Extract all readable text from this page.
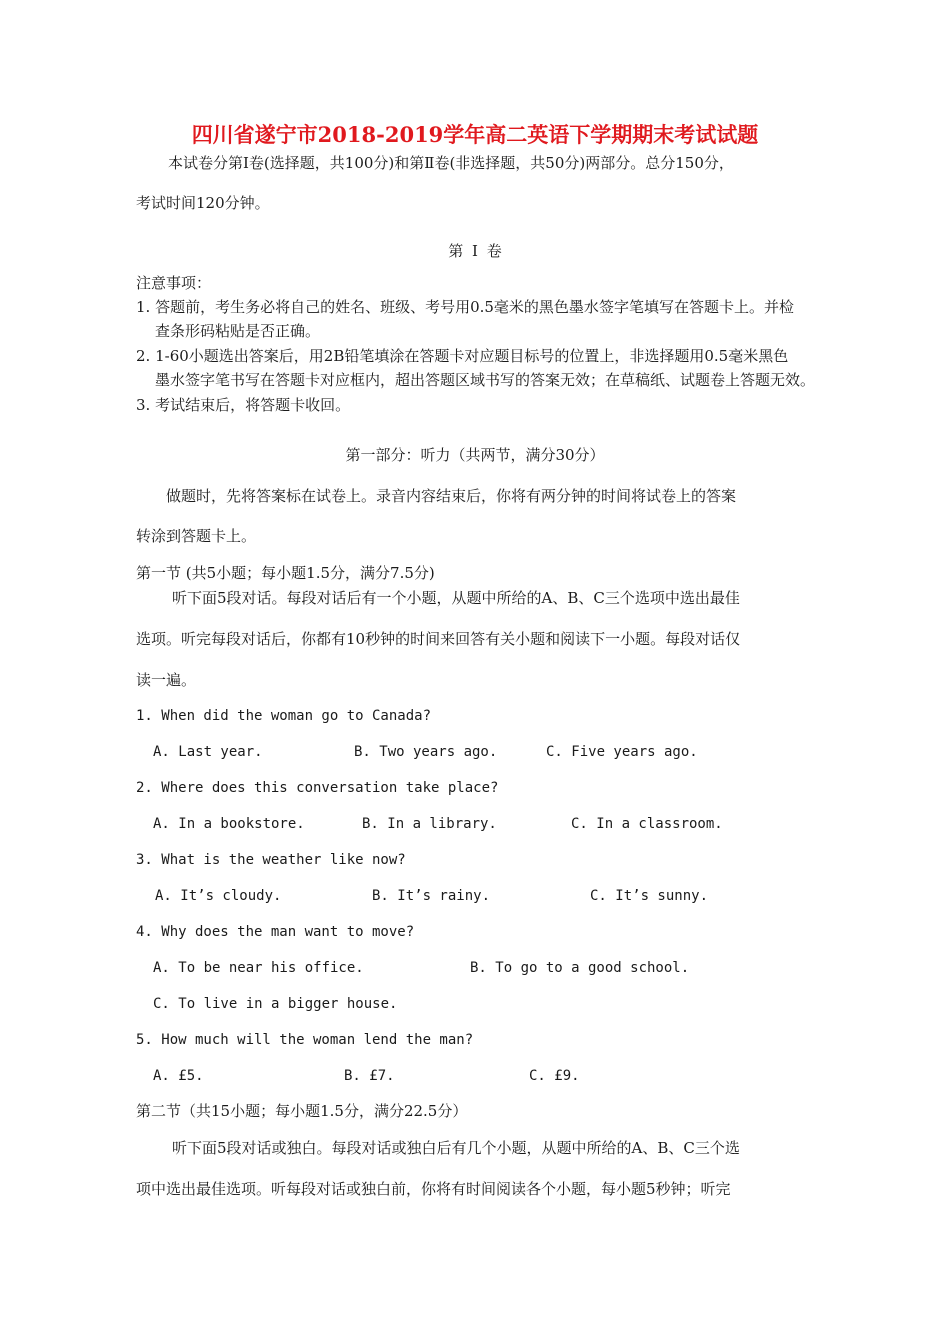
四川省遂宁市2018-2019学年高二英语下学期期末考试试题
本试卷分第Ⅰ卷(选择题，共100分)和第Ⅱ卷(非选择题，共50分)两部分。总分150分，
考试时间120分钟。
第 Ⅰ 卷
注意事项：
1. 答题前，考生务必将自己的姓名、班级、考号用0.5毫米的黑色墨水签字笔填写在答题卡上。并检
查条形码粘贴是否正确。
2. 1-60小题选出答案后，用2B铅笔填涂在答题卡对应题目标号的位置上，非选择题用0.5毫米黑色
墨水签字笔书写在答题卡对应框内，超出答题区域书写的答案无效；在草稿纸、试题卷上答题无效。
3. 考试结束后，将答题卡收回。
第一部分：听力（共两节，满分30分）
做题时，先将答案标在试卷上。录音内容结束后，你将有两分钟的时间将试卷上的答案
转涂到答题卡上。
第一节 (共5小题；每小题1.5分，满分7.5分)
听下面5段对话。每段对话后有一个小题，从题中所给的A、B、C三个选项中选出最佳
选项。听完每段对话后，你都有10秒钟的时间来回答有关小题和阅读下一小题。每段对话仅
读一遍。
1. When did the woman go to Canada?
A. Last year.	B. Two years ago.	C. Five years ago.
2. Where does this conversation take place?
A. In a bookstore.	B. In a library.	C. In a classroom.
3. What is the weather like now?
A. It’s cloudy.	B. It’s rainy.	C. It’s sunny.
4. Why does the man want to move?
A. To be near his office.	B. To go to a good school.
C. To live in a bigger house.
5. How much will the woman lend the man?
A. £5.	B. £7.	C. £9.
第二节（共15小题；每小题1.5分，满分22.5分）
听下面5段对话或独白。每段对话或独白后有几个小题，从题中所给的A、B、C三个选
项中选出最佳选项。听每段对话或独白前，你将有时间阅读各个小题，每小题5秒钟；听完
